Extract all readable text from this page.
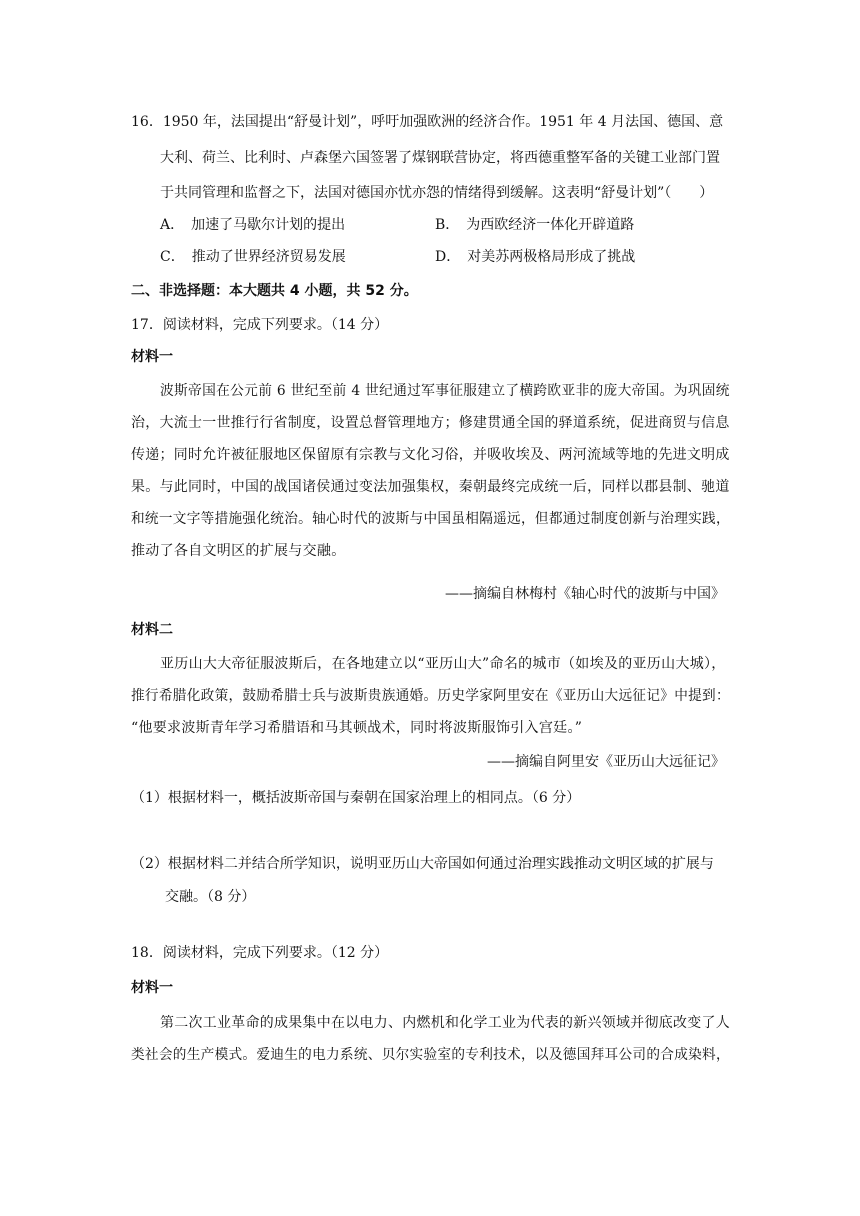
16．1950 年，法国提出“舒曼计划”，呼吁加强欧洲的经济合作。1951 年 4 月法国、德国、意
大利、荷兰、比利时、卢森堡六国签署了煤钢联营协定，将西德重整军备的关键工业部门置
于共同管理和监督之下，法国对德国亦忧亦怨的情绪得到缓解。这表明“舒曼计划”（　　）
A．　加速了马歇尔计划的提出	B．　为西欧经济一体化开辟道路
C．　推动了世界经济贸易发展	D．　对美苏两极格局形成了挑战
二、非选择题：本大题共 4 小题，共 52 分。
17．阅读材料，完成下列要求。（14 分）
材料一
波斯帝国在公元前 6 世纪至前 4 世纪通过军事征服建立了横跨欧亚非的庞大帝国。为巩固统
治，大流士一世推行行省制度，设置总督管理地方；修建贯通全国的驿道系统，促进商贸与信息
传递；同时允许被征服地区保留原有宗教与文化习俗，并吸收埃及、两河流域等地的先进文明成
果。与此同时，中国的战国诸侯通过变法加强集权，秦朝最终完成统一后，同样以郡县制、驰道
和统一文字等措施强化统治。轴心时代的波斯与中国虽相隔遥远，但都通过制度创新与治理实践，
推动了各自文明区的扩展与交融。
——摘编自林梅村《轴心时代的波斯与中国》
材料二
亚历山大大帝征服波斯后，在各地建立以“亚历山大”命名的城市（如埃及的亚历山大城），
推行希腊化政策，鼓励希腊士兵与波斯贵族通婚。历史学家阿里安在《亚历山大远征记》中提到：
“他要求波斯青年学习希腊语和马其顿战术，同时将波斯服饰引入宫廷。”
——摘编自阿里安《亚历山大远征记》
（1）根据材料一，概括波斯帝国与秦朝在国家治理上的相同点。（6 分）
（2）根据材料二并结合所学知识，说明亚历山大帝国如何通过治理实践推动文明区域的扩展与
交融。（8 分）
18．阅读材料，完成下列要求。（12 分）
材料一
第二次工业革命的成果集中在以电力、内燃机和化学工业为代表的新兴领域并彻底改变了人
类社会的生产模式。爱迪生的电力系统、贝尔实验室的专利技术，以及德国拜耳公司的合成染料，
